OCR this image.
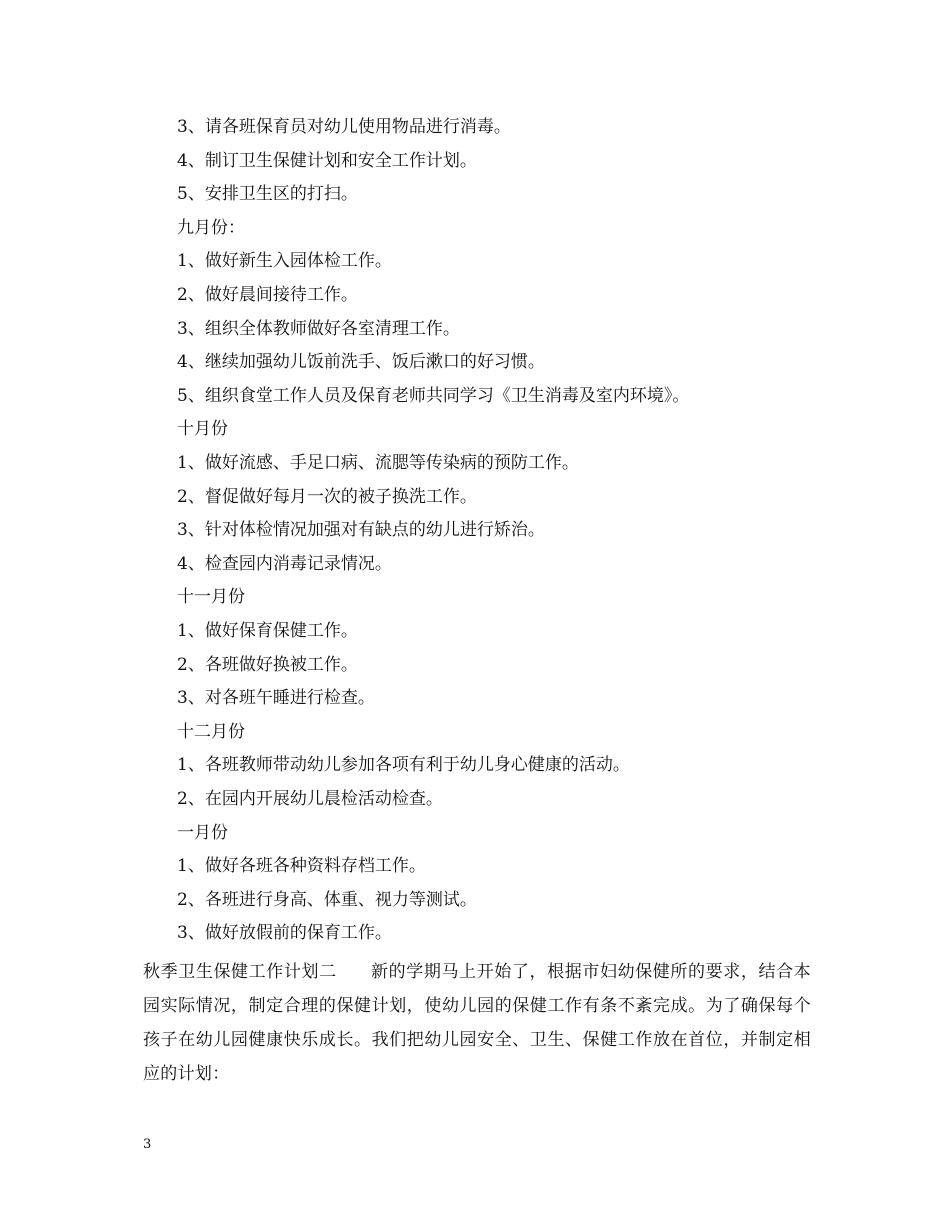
3、请各班保育员对幼儿使用物品进行消毒。
4、制订卫生保健计划和安全工作计划。
5、安排卫生区的打扫。
九月份：
1、做好新生入园体检工作。
2、做好晨间接待工作。
3、组织全体教师做好各室清理工作。
4、继续加强幼儿饭前洗手、饭后漱口的好习惯。
5、组织食堂工作人员及保育老师共同学习《卫生消毒及室内环境》。
十月份
1、做好流感、手足口病、流腮等传染病的预防工作。
2、督促做好每月一次的被子换洗工作。
3、针对体检情况加强对有缺点的幼儿进行矫治。
4、检查园内消毒记录情况。
十一月份
1、做好保育保健工作。
2、各班做好换被工作。
3、对各班午睡进行检查。
十二月份
1、各班教师带动幼儿参加各项有利于幼儿身心健康的活动。
2、在园内开展幼儿晨检活动检查。
一月份
1、做好各班各种资料存档工作。
2、各班进行身高、体重、视力等测试。
3、做好放假前的保育工作。
秋季卫生保健工作计划二 新的学期马上开始了，根据市妇幼保健所的要求，结合本园实际情况，制定合理的保健计划，使幼儿园的保健工作有条不紊完成。为了确保每个孩子在幼儿园健康快乐成长。我们把幼儿园安全、卫生、保健工作放在首位，并制定相应的计划：
3
